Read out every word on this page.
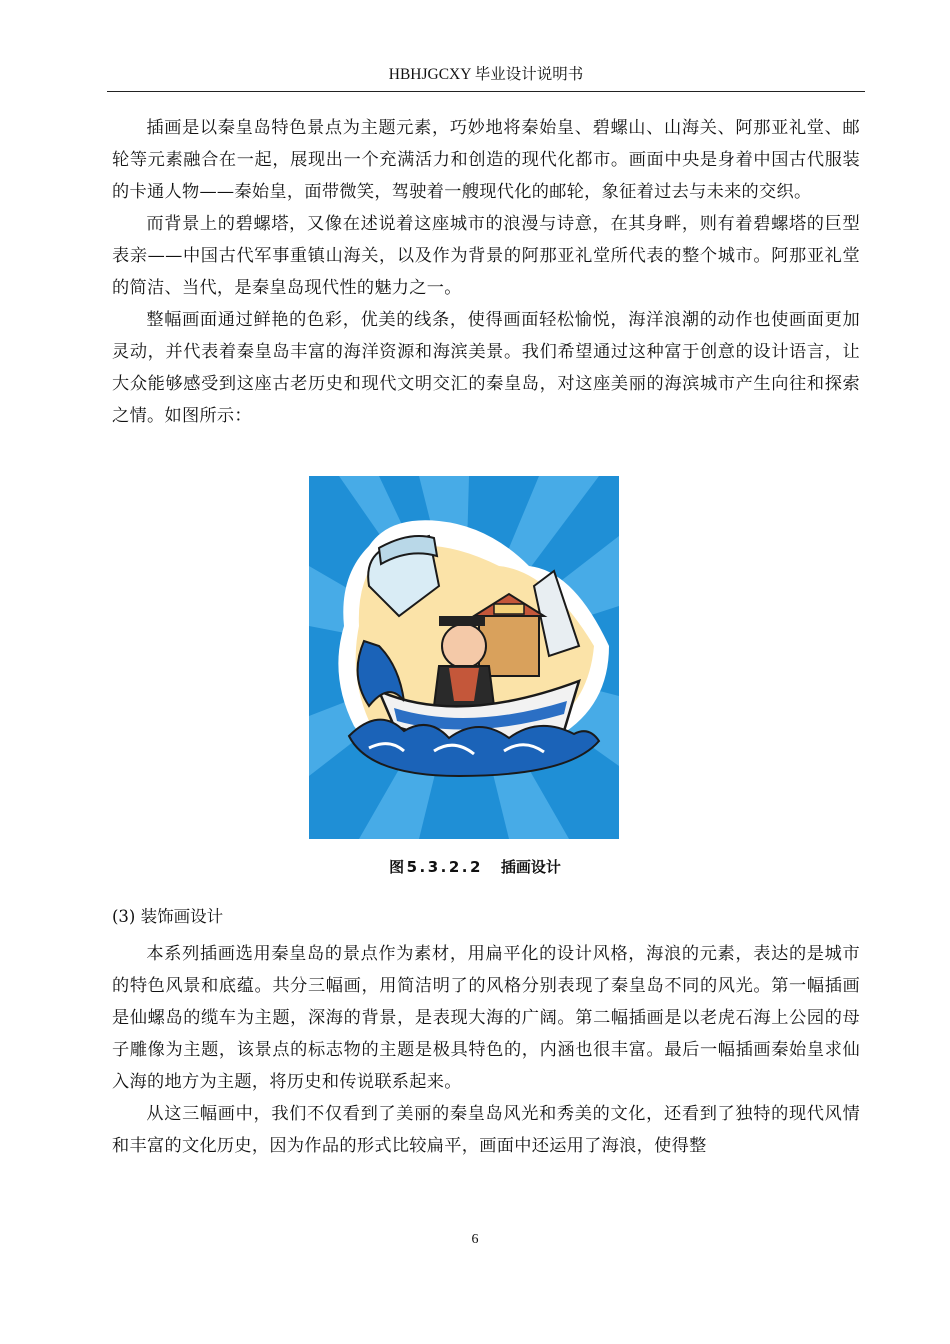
HBHJGCXY 毕业设计说明书

插画是以秦皇岛特色景点为主题元素，巧妙地将秦始皇、碧螺山、山海关、阿那亚礼堂、邮轮等元素融合在一起，展现出一个充满活力和创造的现代化都市。画面中央是身着中国古代服装的卡通人物——秦始皇，面带微笑，驾驶着一艘现代化的邮轮，象征着过去与未来的交织。

而背景上的碧螺塔，又像在述说着这座城市的浪漫与诗意，在其身畔，则有着碧螺塔的巨型表亲——中国古代军事重镇山海关，以及作为背景的阿那亚礼堂所代表的整个城市。阿那亚礼堂的简洁、当代，是秦皇岛现代性的魅力之一。

整幅画面通过鲜艳的色彩，优美的线条，使得画面轻松愉悦，海洋浪潮的动作也使画面更加灵动，并代表着秦皇岛丰富的海洋资源和海滨美景。我们希望通过这种富于创意的设计语言，让大众能够感受到这座古老历史和现代文明交汇的秦皇岛，对这座美丽的海滨城市产生向往和探索之情。如图所示：

图5.3.2.2 插画设计
(3) 装饰画设计

本系列插画选用秦皇岛的景点作为素材，用扁平化的设计风格，海浪的元素，表达的是城市的特色风景和底蕴。共分三幅画，用简洁明了的风格分别表现了秦皇岛不同的风光。第一幅插画是仙螺岛的缆车为主题，深海的背景，是表现大海的广阔。第二幅插画是以老虎石海上公园的母子雕像为主题，该景点的标志物的主题是极具特色的，内涵也很丰富。最后一幅插画秦始皇求仙入海的地方为主题，将历史和传说联系起来。

从这三幅画中，我们不仅看到了美丽的秦皇岛风光和秀美的文化，还看到了独特的现代风情和丰富的文化历史，因为作品的形式比较扁平，画面中还运用了海浪，使得整

6
